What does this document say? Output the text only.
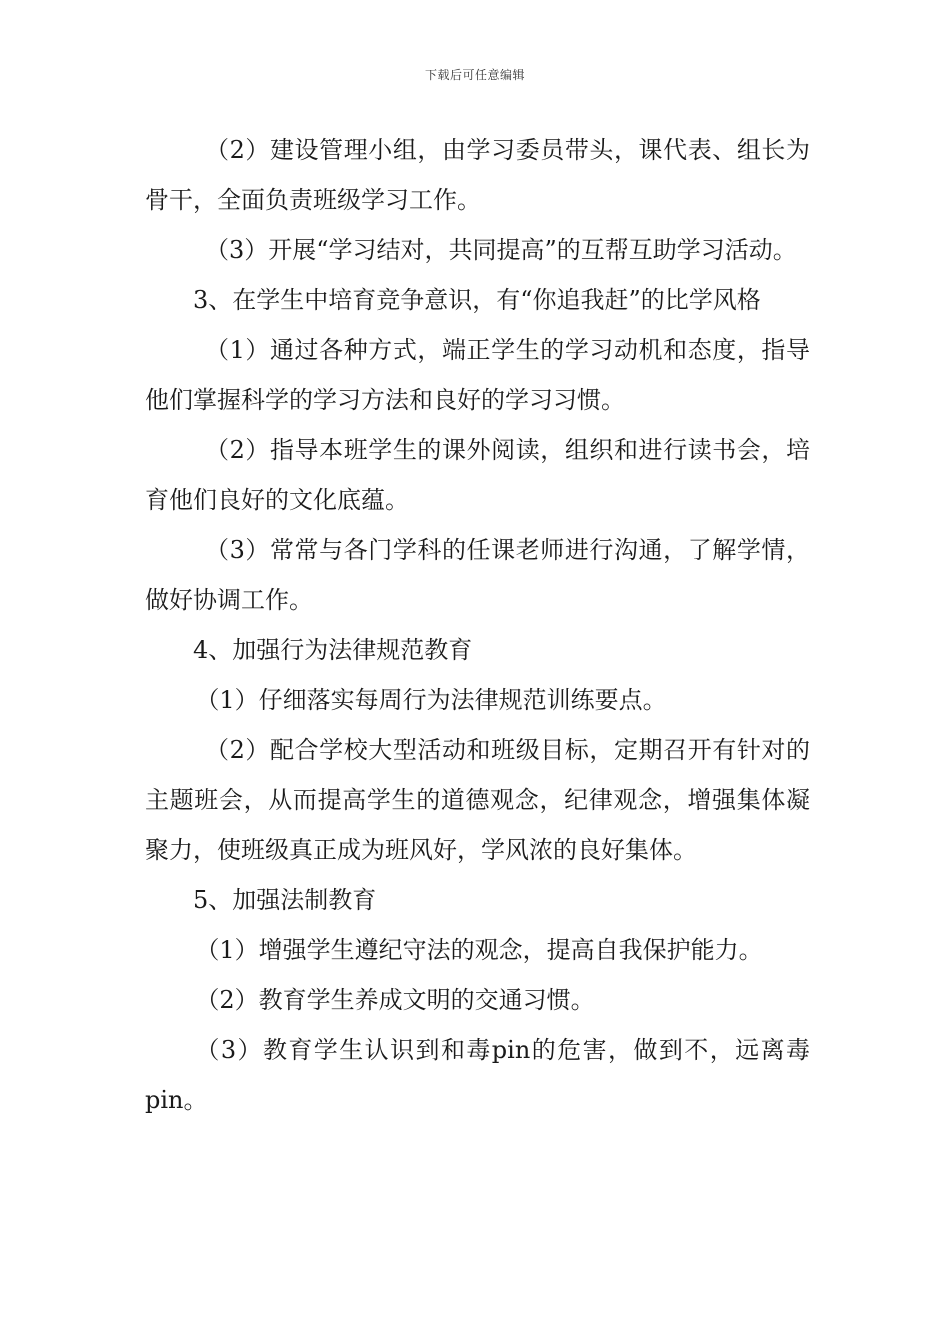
下载后可任意编辑

（2）建设管理小组，由学习委员带头，课代表、组长为骨干，全面负责班级学习工作。

（3）开展“学习结对，共同提高”的互帮互助学习活动。

3、在学生中培育竞争意识，有“你追我赶”的比学风格

（1）通过各种方式，端正学生的学习动机和态度，指导他们掌握科学的学习方法和良好的学习习惯。

（2）指导本班学生的课外阅读，组织和进行读书会，培育他们良好的文化底蕴。

（3）常常与各门学科的任课老师进行沟通，了解学情，做好协调工作。

4、加强行为法律规范教育

（1）仔细落实每周行为法律规范训练要点。

（2）配合学校大型活动和班级目标，定期召开有针对的主题班会，从而提高学生的道德观念，纪律观念，增强集体凝聚力，使班级真正成为班风好，学风浓的良好集体。

5、加强法制教育

（1）增强学生遵纪守法的观念，提高自我保护能力。

（2）教育学生养成文明的交通习惯。

（3）教育学生认识到和毒pin的危害，做到不，远离毒pin。
